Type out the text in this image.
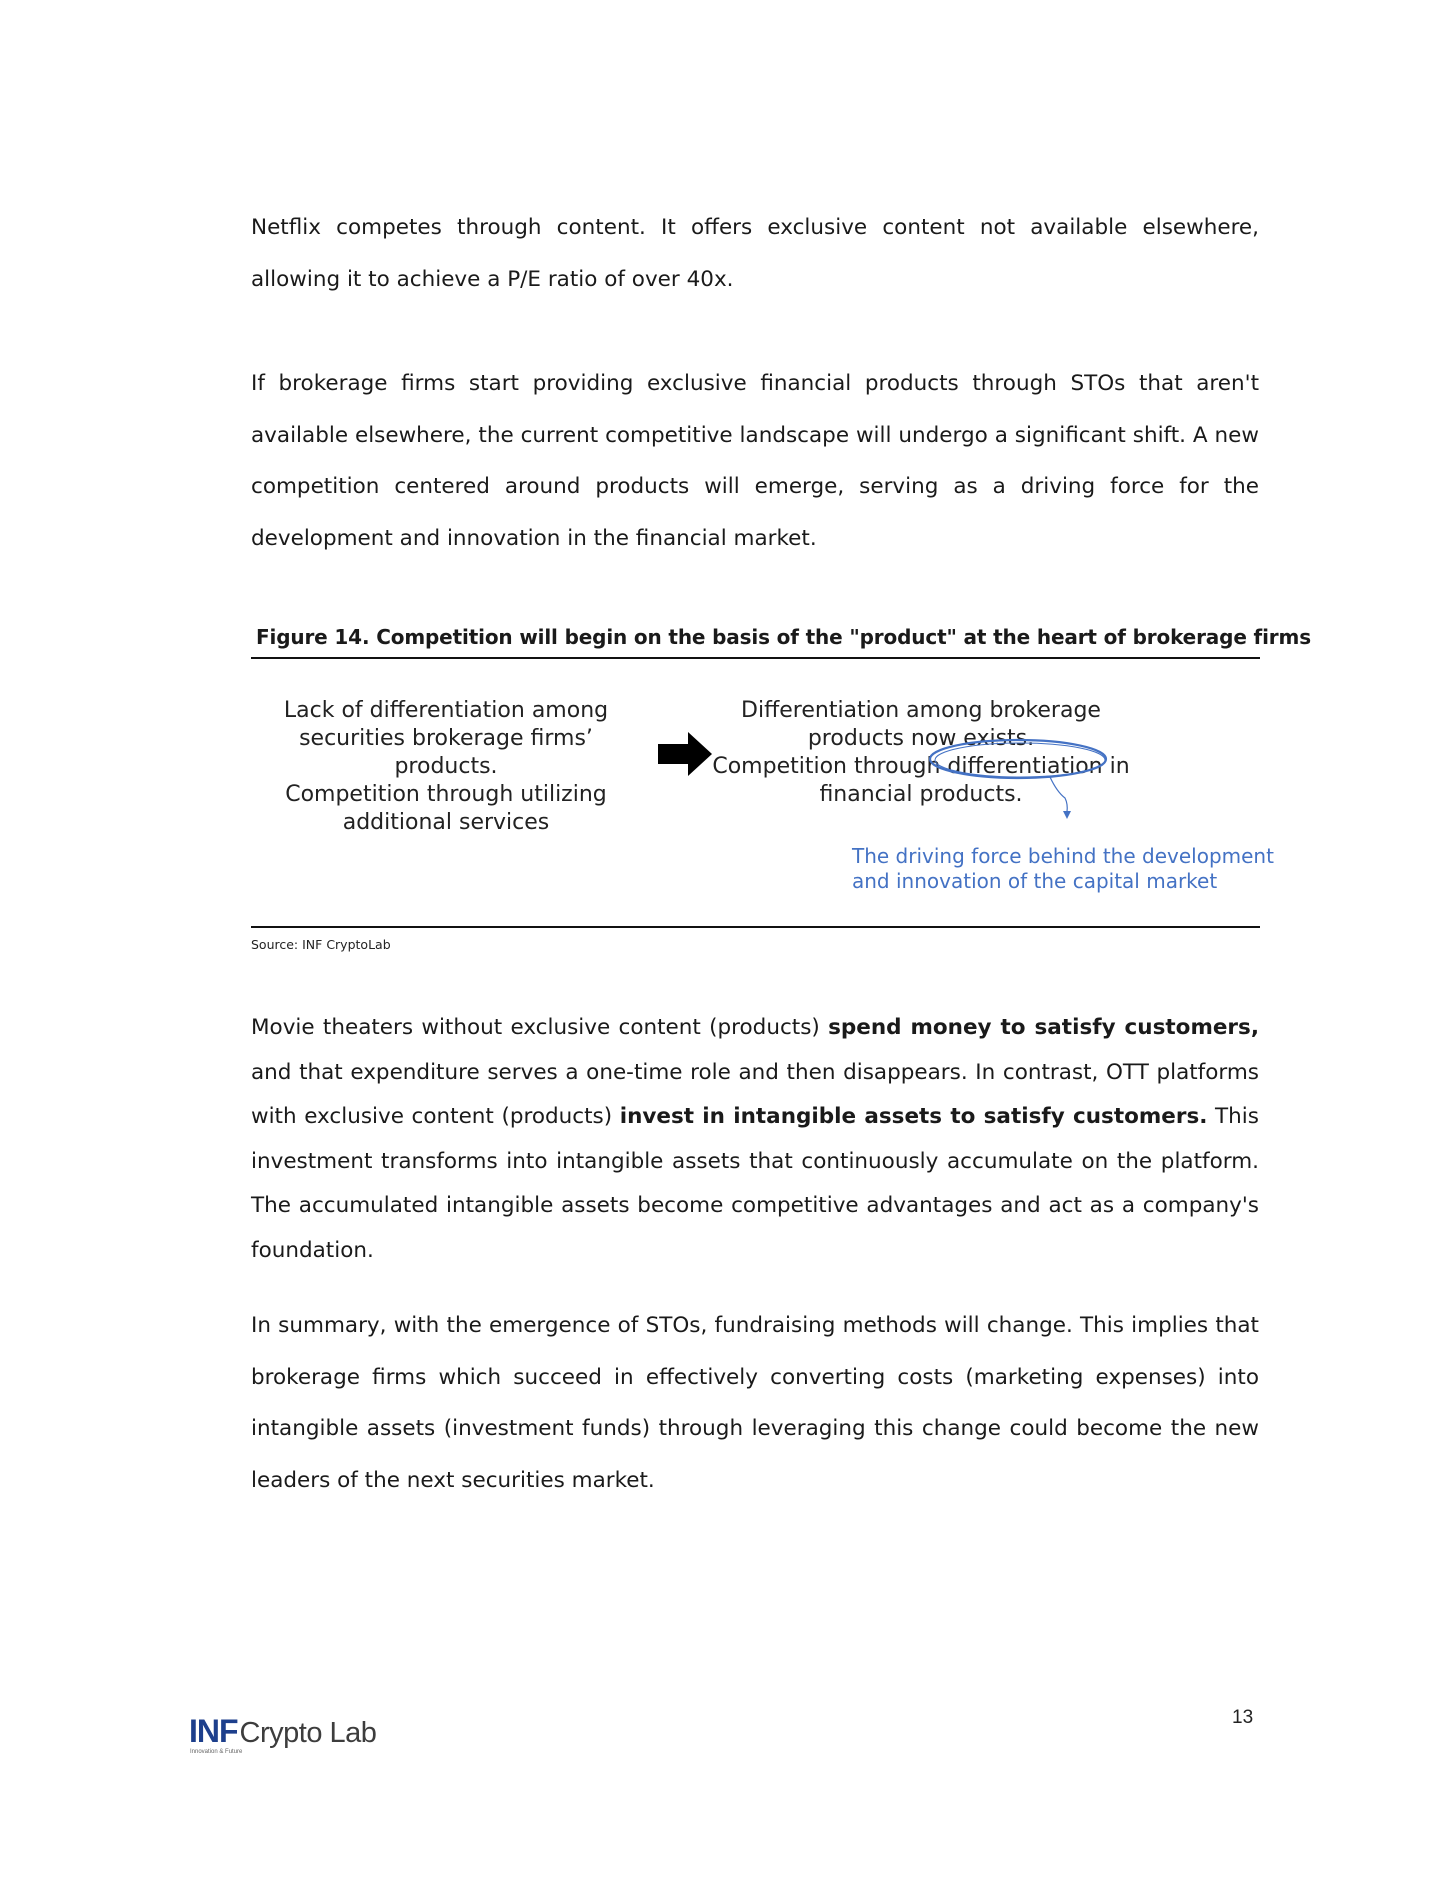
Netflix competes through content. It offers exclusive content not available elsewhere, allowing it to achieve a P/E ratio of over 40x.

If brokerage firms start providing exclusive financial products through STOs that aren't available elsewhere, the current competitive landscape will undergo a significant shift. A new competition centered around products will emerge, serving as a driving force for the development and innovation in the financial market.

Figure 14. Competition will begin on the basis of the "product" at the heart of brokerage firms

Lack of differentiation among
securities brokerage firms’ products.
Competition through utilizing
additional services
Differentiation among brokerage
products now exists.
Competition through differentiation in
financial products.
The driving force behind the development
and innovation of the capital market

Source: INF CryptoLab

Movie theaters without exclusive content (products) spend money to satisfy customers, and that expenditure serves a one-time role and then disappears. In contrast, OTT platforms with exclusive content (products) invest in intangible assets to satisfy customers. This investment transforms into intangible assets that continuously accumulate on the platform. The accumulated intangible assets become competitive advantages and act as a company's foundation.

In summary, with the emergence of STOs, fundraising methods will change. This implies that brokerage firms which succeed in effectively converting costs (marketing expenses) into intangible assets (investment funds) through leveraging this change could become the new leaders of the next securities market.

INFCrypto Lab
Innovation & Future

13
